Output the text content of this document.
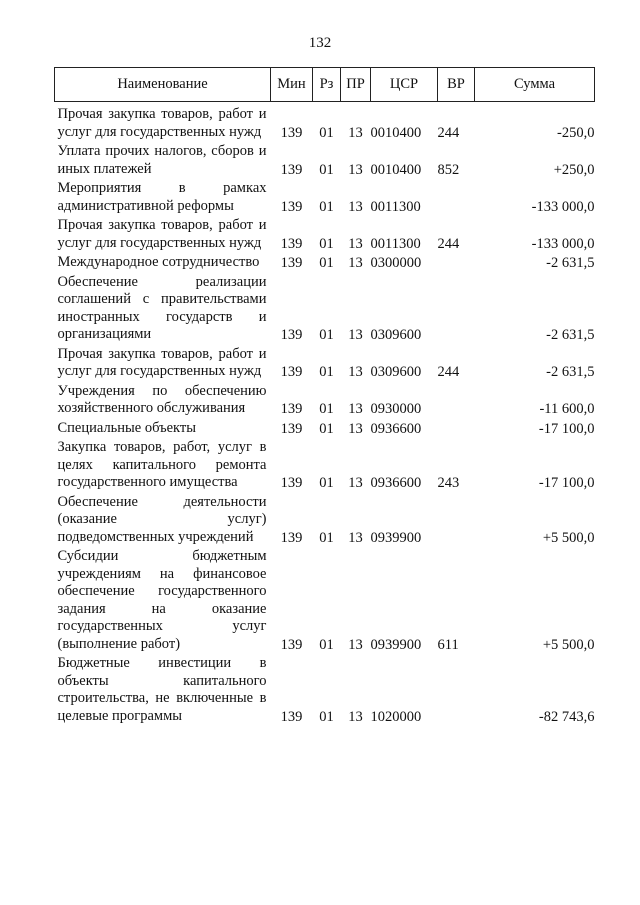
132
Наименование	Мин	Рз	ПР	ЦСР	ВР	Сумма
Прочая закупка товаров, работ и услуг для государственных нужд	139	01	13	0010400	244	-250,0
Уплата прочих налогов, сборов и иных платежей	139	01	13	0010400	852	+250,0
Мероприятия в рамках административной реформы	139	01	13	0011300		-133 000,0
Прочая закупка товаров, работ и услуг для государственных нужд	139	01	13	0011300	244	-133 000,0
Международное сотрудничество	139	01	13	0300000		-2 631,5
Обеспечение реализации соглашений с правительствами иностранных государств и организациями	139	01	13	0309600		-2 631,5
Прочая закупка товаров, работ и услуг для государственных нужд	139	01	13	0309600	244	-2 631,5
Учреждения по обеспечению хозяйственного обслуживания	139	01	13	0930000		-11 600,0
Специальные объекты	139	01	13	0936600		-17 100,0
Закупка товаров, работ, услуг в целях капитального ремонта государственного имущества	139	01	13	0936600	243	-17 100,0
Обеспечение деятельности (оказание услуг) подведомственных учреждений	139	01	13	0939900		+5 500,0
Субсидии бюджетным учреждениям на финансовое обеспечение государственного задания на оказание государственных услуг (выполнение работ)	139	01	13	0939900	611	+5 500,0
Бюджетные инвестиции в объекты капитального строительства, не включенные в целевые программы	139	01	13	1020000		-82 743,6
